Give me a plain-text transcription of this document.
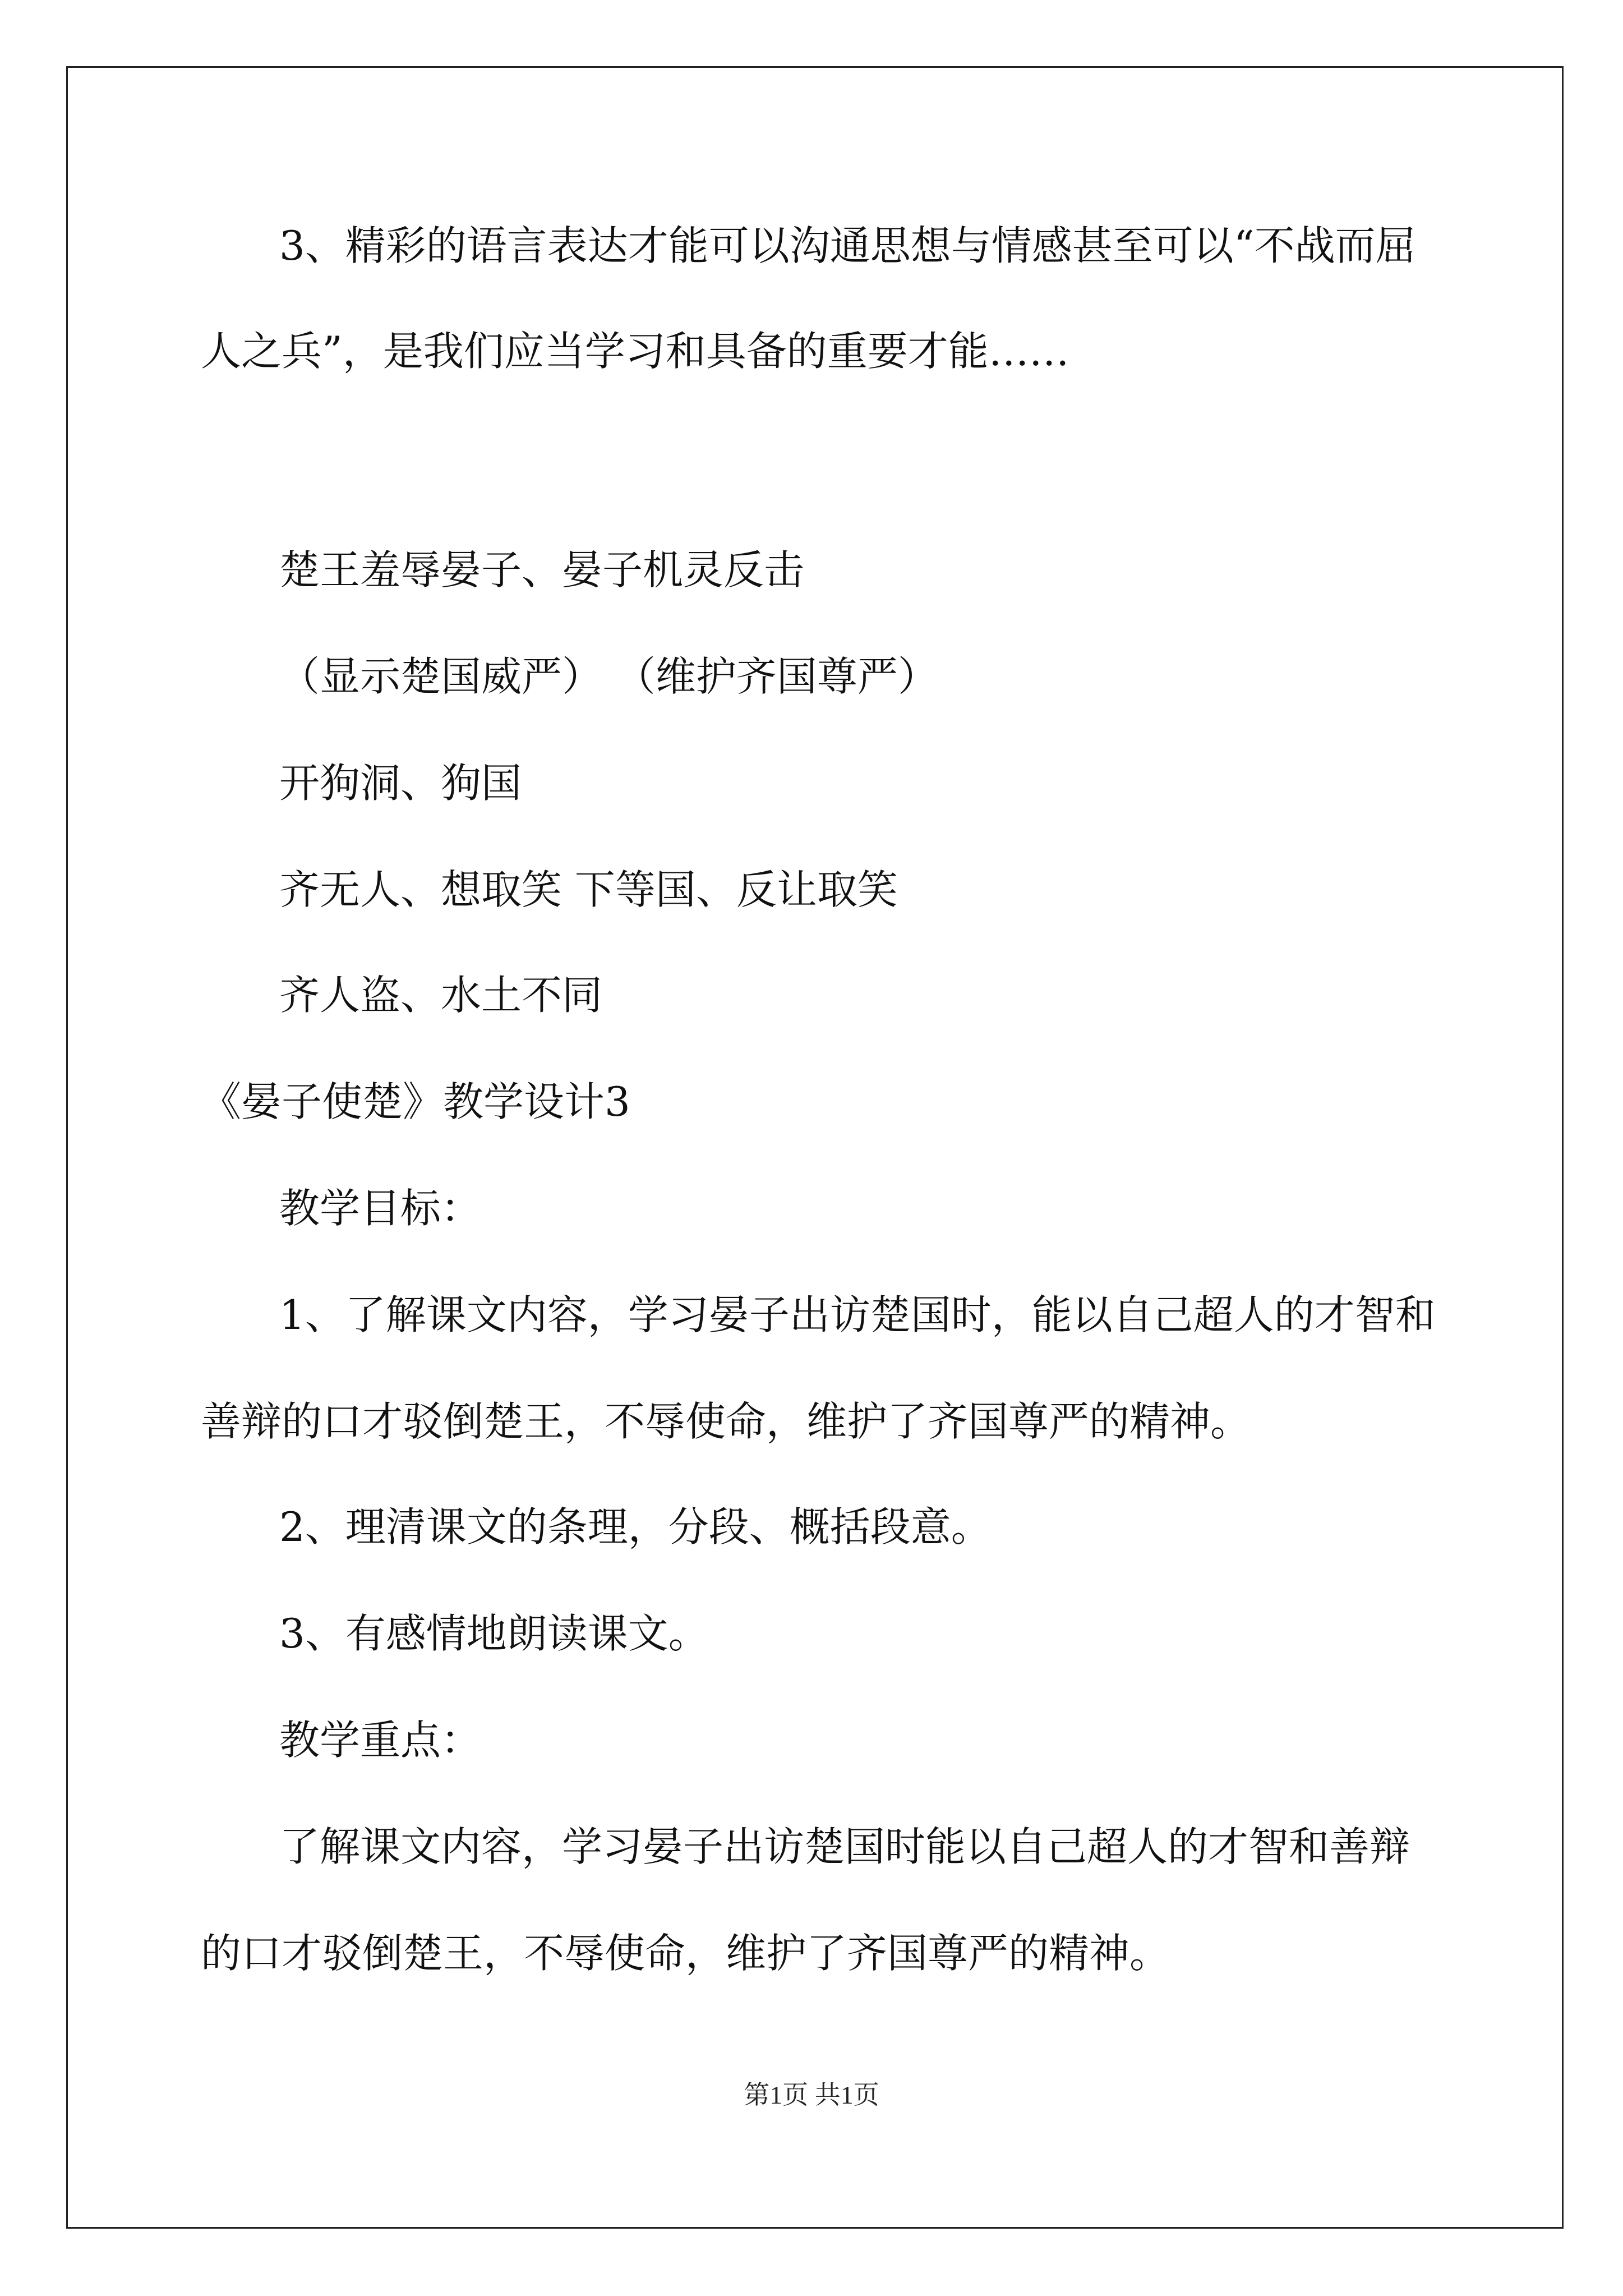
3、精彩的语言表达才能可以沟通思想与情感甚至可以“不战而屈

人之兵”，是我们应当学习和具备的重要才能……

楚王羞辱晏子、晏子机灵反击

（显示楚国威严） （维护齐国尊严）

开狗洞、狗国

齐无人、想取笑 下等国、反让取笑

齐人盗、水土不同

《晏子使楚》教学设计3

教学目标：

1、了解课文内容，学习晏子出访楚国时，能以自己超人的才智和

善辩的口才驳倒楚王，不辱使命，维护了齐国尊严的精神。

2、理清课文的条理，分段、概括段意。

3、有感情地朗读课文。

教学重点：

了解课文内容，学习晏子出访楚国时能以自己超人的才智和善辩

的口才驳倒楚王，不辱使命，维护了齐国尊严的精神。

第1页 共1页
